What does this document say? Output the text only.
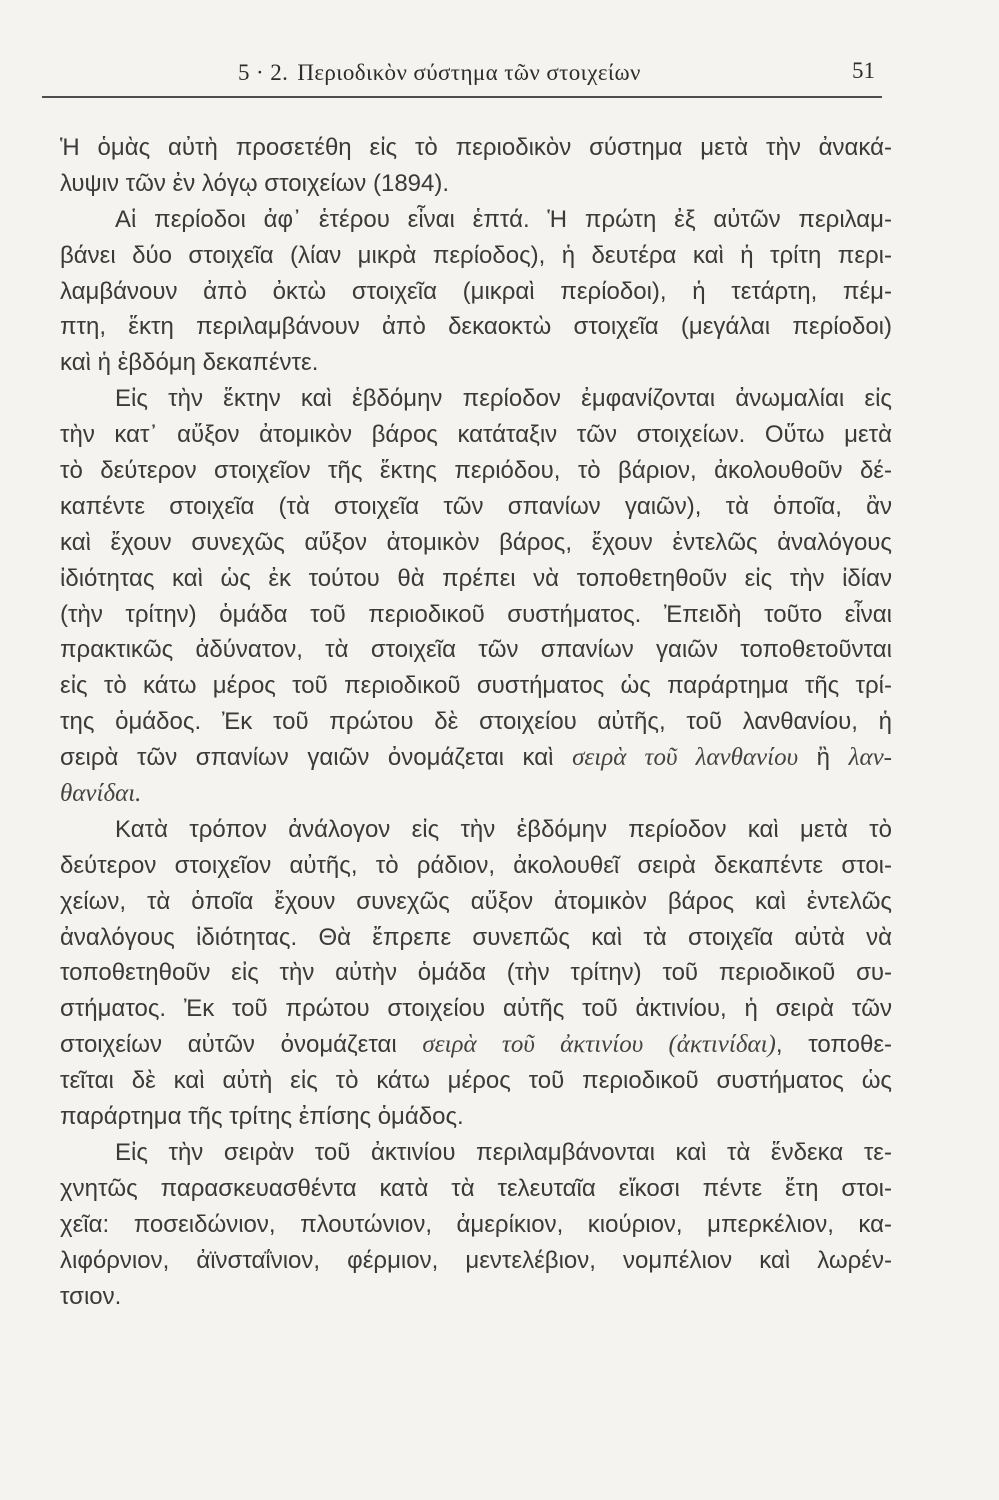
5 · 2. Περιοδικὸν σύστημα τῶν στοιχείων	51
Ἡ ὁμὰς αὐτὴ προσετέθη εἰς τὸ περιοδικὸν σύστημα μετὰ τὴν ἀνακά-
λυψιν τῶν ἐν λόγῳ στοιχείων (1894).
Αἱ περίοδοι ἀφ᾽ ἑτέρου εἶναι ἑπτά. Ἡ πρώτη ἐξ αὐτῶν περιλαμ-
βάνει δύο στοιχεῖα (λίαν μικρὰ περίοδος), ἡ δευτέρα καὶ ἡ τρίτη περι-
λαμβάνουν ἀπὸ ὀκτὼ στοιχεῖα (μικραὶ περίοδοι), ἡ τετάρτη, πέμ-
πτη, ἕκτη περιλαμβάνουν ἀπὸ δεκαοκτὼ στοιχεῖα (μεγάλαι περίοδοι)
καὶ ἡ ἑβδόμη δεκαπέντε.
Εἰς τὴν ἕκτην καὶ ἑβδόμην περίοδον ἐμφανίζονται ἀνωμαλίαι εἰς
τὴν κατ᾽ αὔξον ἀτομικὸν βάρος κατάταξιν τῶν στοιχείων. Οὕτω μετὰ
τὸ δεύτερον στοιχεῖον τῆς ἕκτης περιόδου, τὸ βάριον, ἀκολουθοῦν δέ-
καπέντε στοιχεῖα (τὰ στοιχεῖα τῶν σπανίων γαιῶν), τὰ ὁποῖα, ἂν
καὶ ἔχουν συνεχῶς αὔξον ἀτομικὸν βάρος, ἔχουν ἐντελῶς ἀναλόγους
ἰδιότητας καὶ ὡς ἐκ τούτου θὰ πρέπει νὰ τοποθετηθοῦν εἰς τὴν ἰδίαν
(τὴν τρίτην) ὁμάδα τοῦ περιοδικοῦ συστήματος. Ἐπειδὴ τοῦτο εἶναι
πρακτικῶς ἀδύνατον, τὰ στοιχεῖα τῶν σπανίων γαιῶν τοποθετοῦνται
εἰς τὸ κάτω μέρος τοῦ περιοδικοῦ συστήματος ὡς παράρτημα τῆς τρί-
της ὁμάδος. Ἐκ τοῦ πρώτου δὲ στοιχείου αὐτῆς, τοῦ λανθανίου, ἡ
σειρὰ τῶν σπανίων γαιῶν ὀνομάζεται καὶ σειρὰ τοῦ λανθανίου ἢ λαν-
θανίδαι.
Κατὰ τρόπον ἀνάλογον εἰς τὴν ἑβδόμην περίοδον καὶ μετὰ τὸ
δεύτερον στοιχεῖον αὐτῆς, τὸ ράδιον, ἀκολουθεῖ σειρὰ δεκαπέντε στοι-
χείων, τὰ ὁποῖα ἔχουν συνεχῶς αὔξον ἀτομικὸν βάρος καὶ ἐντελῶς
ἀναλόγους ἰδιότητας. Θὰ ἔπρεπε συνεπῶς καὶ τὰ στοιχεῖα αὐτὰ νὰ
τοποθετηθοῦν εἰς τὴν αὐτὴν ὁμάδα (τὴν τρίτην) τοῦ περιοδικοῦ συ-
στήματος. Ἐκ τοῦ πρώτου στοιχείου αὐτῆς τοῦ ἀκτινίου, ἡ σειρὰ τῶν
στοιχείων αὐτῶν ὀνομάζεται σειρὰ τοῦ ἀκτινίου (ἀκτινίδαι), τοποθε-
τεῖται δὲ καὶ αὐτὴ εἰς τὸ κάτω μέρος τοῦ περιοδικοῦ συστήματος ὡς
παράρτημα τῆς τρίτης ἐπίσης ὁμάδος.
Εἰς τὴν σειρὰν τοῦ ἀκτινίου περιλαμβάνονται καὶ τὰ ἕνδεκα τε-
χνητῶς παρασκευασθέντα κατὰ τὰ τελευταῖα εἴκοσι πέντε ἔτη στοι-
χεῖα: ποσειδώνιον, πλουτώνιον, ἀμερίκιον, κιούριον, μπερκέλιον, κα-
λιφόρνιον, ἀϊνσταΐνιον, φέρμιον, μεντελέβιον, νομπέλιον καὶ λωρέν-
τσιον.
